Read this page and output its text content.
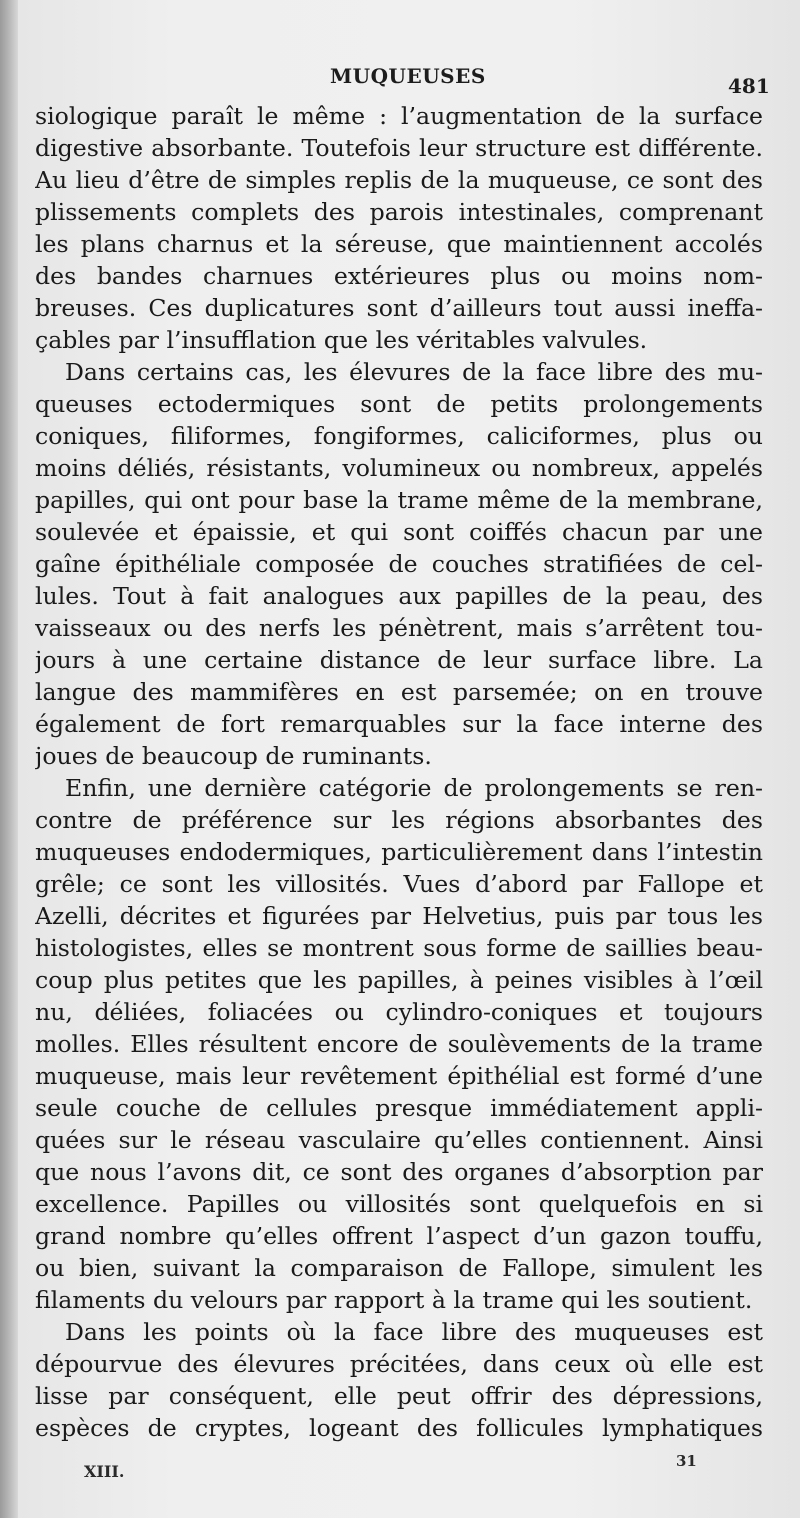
MUQUEUSES	481
siologique paraît le même : l’augmentation de la surface
digestive absorbante. Toutefois leur structure est différente.
Au lieu d’être de simples replis de la muqueuse, ce sont des
plissements complets des parois intestinales, comprenant
les plans charnus et la séreuse, que maintiennent accolés
des bandes charnues extérieures plus ou moins nom-
breuses. Ces duplicatures sont d’ailleurs tout aussi ineffa-
çables par l’insufflation que les véritables valvules.
Dans certains cas, les élevures de la face libre des mu-
queuses ectodermiques sont de petits prolongements
coniques, filiformes, fongiformes, caliciformes, plus ou
moins déliés, résistants, volumineux ou nombreux, appelés
papilles, qui ont pour base la trame même de la membrane,
soulevée et épaissie, et qui sont coiffés chacun par une
gaîne épithéliale composée de couches stratifiées de cel-
lules. Tout à fait analogues aux papilles de la peau, des
vaisseaux ou des nerfs les pénètrent, mais s’arrêtent tou-
jours à une certaine distance de leur surface libre. La
langue des mammifères en est parsemée; on en trouve
également de fort remarquables sur la face interne des
joues de beaucoup de ruminants.
Enfin, une dernière catégorie de prolongements se ren-
contre de préférence sur les régions absorbantes des
muqueuses endodermiques, particulièrement dans l’intestin
grêle; ce sont les villosités. Vues d’abord par Fallope et
Azelli, décrites et figurées par Helvetius, puis par tous les
histologistes, elles se montrent sous forme de saillies beau-
coup plus petites que les papilles, à peines visibles à l’œil
nu, déliées, foliacées ou cylindro-coniques et toujours
molles. Elles résultent encore de soulèvements de la trame
muqueuse, mais leur revêtement épithélial est formé d’une
seule couche de cellules presque immédiatement appli-
quées sur le réseau vasculaire qu’elles contiennent. Ainsi
que nous l’avons dit, ce sont des organes d’absorption par
excellence. Papilles ou villosités sont quelquefois en si
grand nombre qu’elles offrent l’aspect d’un gazon touffu,
ou bien, suivant la comparaison de Fallope, simulent les
filaments du velours par rapport à la trame qui les soutient.
Dans les points où la face libre des muqueuses est
dépourvue des élevures précitées, dans ceux où elle est
lisse par conséquent, elle peut offrir des dépressions,
espèces de cryptes, logeant des follicules lymphatiques
XIII.
31
